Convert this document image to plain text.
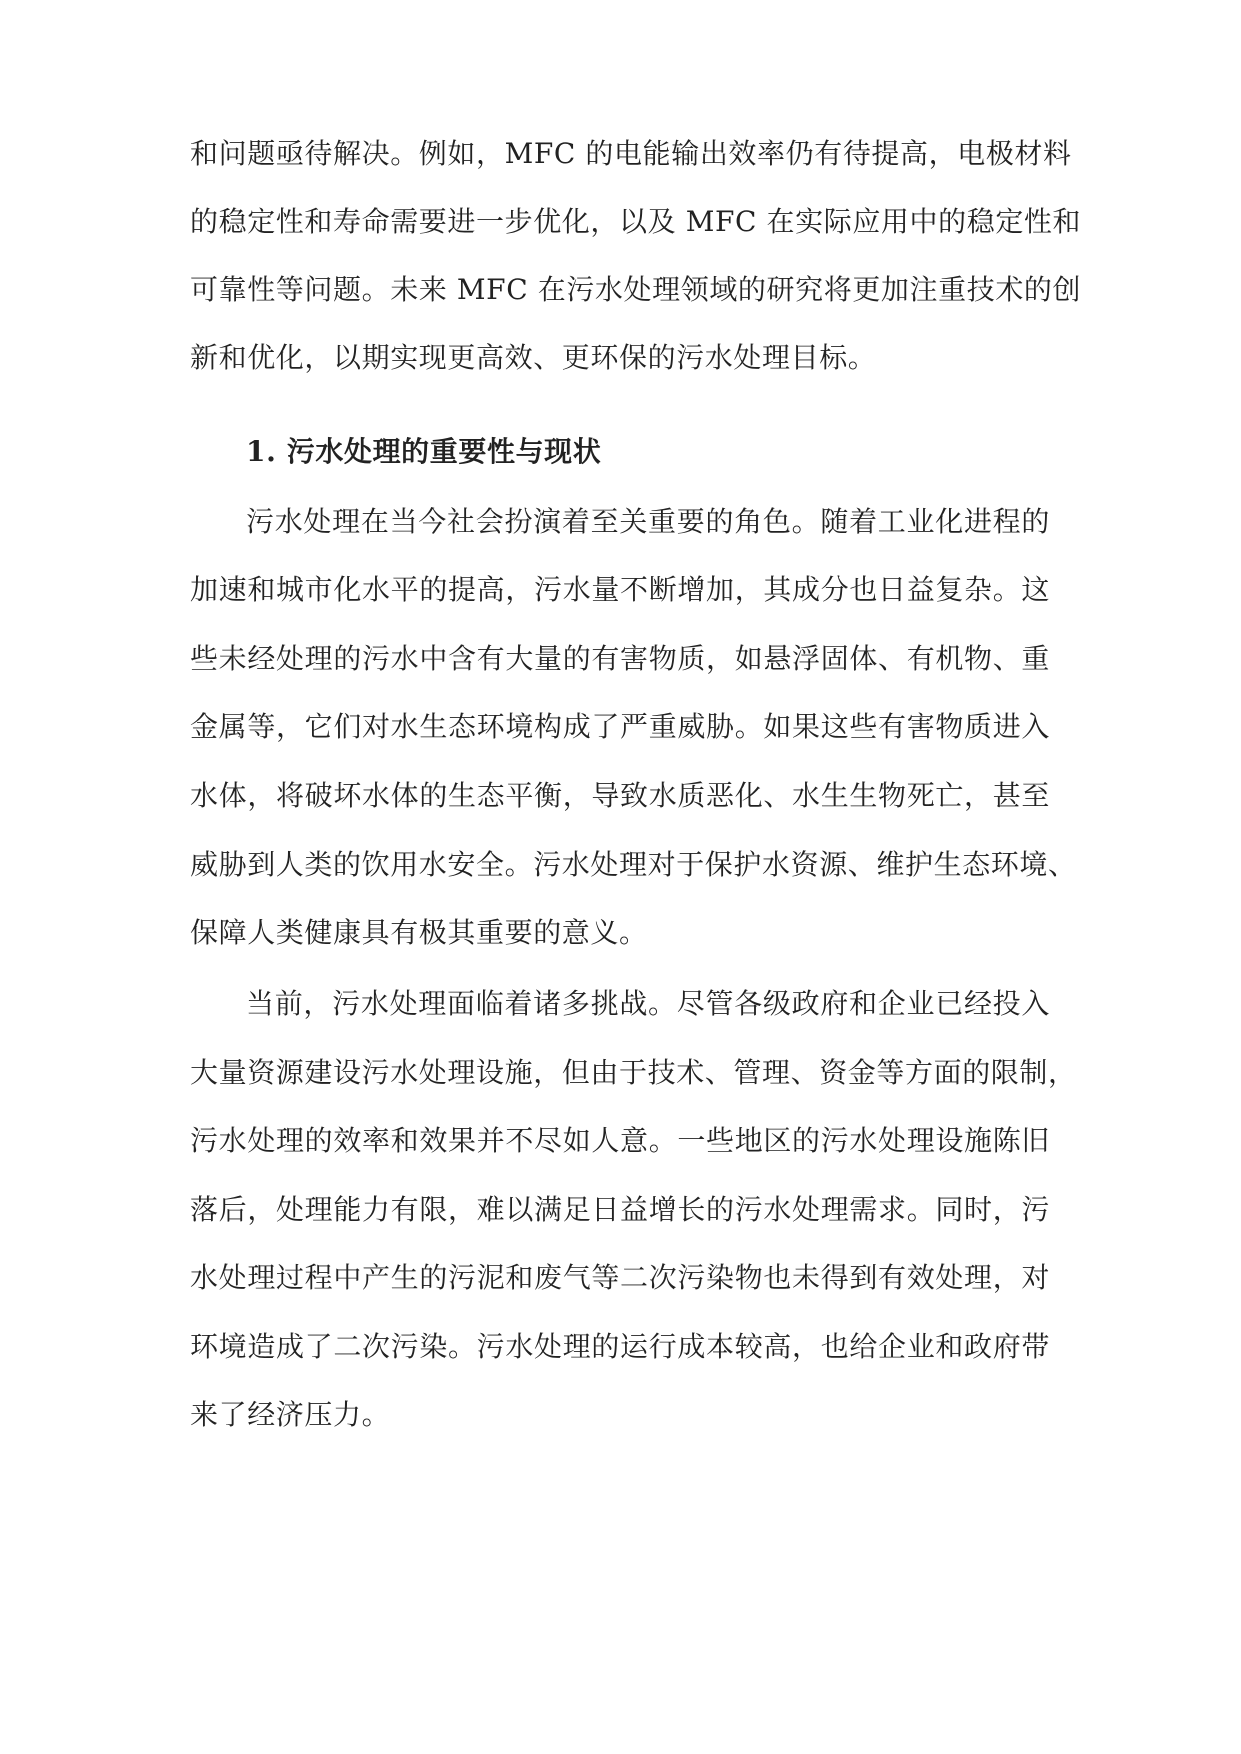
和问题亟待解决。例如，MFC 的电能输出效率仍有待提高，电极材料
的稳定性和寿命需要进一步优化，以及 MFC 在实际应用中的稳定性和
可靠性等问题。未来 MFC 在污水处理领域的研究将更加注重技术的创
新和优化，以期实现更高效、更环保的污水处理目标。
1. 污水处理的重要性与现状
污水处理在当今社会扮演着至关重要的角色。随着工业化进程的
加速和城市化水平的提高，污水量不断增加，其成分也日益复杂。这
些未经处理的污水中含有大量的有害物质，如悬浮固体、有机物、重
金属等，它们对水生态环境构成了严重威胁。如果这些有害物质进入
水体，将破坏水体的生态平衡，导致水质恶化、水生生物死亡，甚至
威胁到人类的饮用水安全。污水处理对于保护水资源、维护生态环境、
保障人类健康具有极其重要的意义。
当前，污水处理面临着诸多挑战。尽管各级政府和企业已经投入
大量资源建设污水处理设施，但由于技术、管理、资金等方面的限制，
污水处理的效率和效果并不尽如人意。一些地区的污水处理设施陈旧
落后，处理能力有限，难以满足日益增长的污水处理需求。同时，污
水处理过程中产生的污泥和废气等二次污染物也未得到有效处理，对
环境造成了二次污染。污水处理的运行成本较高，也给企业和政府带
来了经济压力。
